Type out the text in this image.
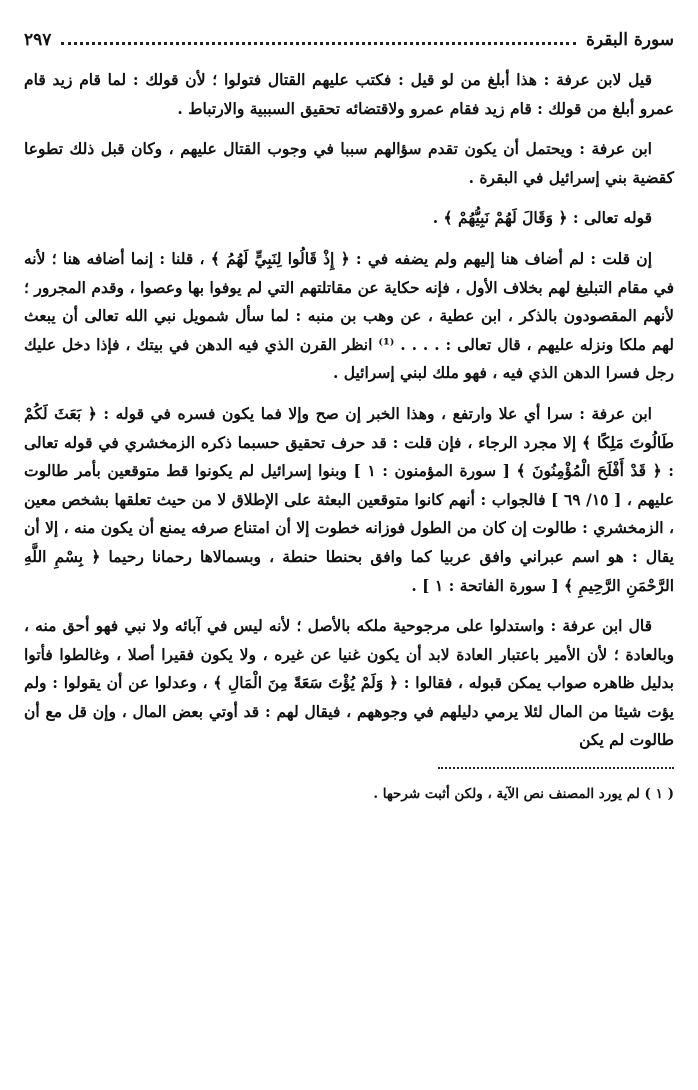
سورة البقرة
٢٩٧

قيل لابن عرفة : هذا أبلغ من لو قيل : فكتب عليهم القتال فتولوا ؛ لأن قولك : لما قام زيد قام عمرو أبلغ من قولك : قام زيد فقام عمرو ولاقتضائه تحقيق السببية والارتباط .

ابن عرفة : ويحتمل أن يكون تقدم سؤالهم سببا في وجوب القتال عليهم ، وكان قبل ذلك تطوعا كقضية بني إسرائيل في البقرة .

قوله تعالى : ﴿ وَقَالَ لَهُمْ نَبِيُّهُمْ ﴾ .

إن قلت : لم أضاف هنا إليهم ولم يضفه في : ﴿ إِذْ قَالُوا لِنَبِيٍّ لَهُمُ ﴾ ، قلنا : إنما أضافه هنا ؛ لأنه في مقام التبليغ لهم بخلاف الأول ، فإنه حكاية عن مقاتلتهم التي لم يوفوا بها وعصوا ، وقدم المجرور ؛ لأنهم المقصودون بالذكر ، ابن عطية ، عن وهب بن منبه : لما سأل شمويل نبي الله تعالى أن يبعث لهم ملكا ونزله عليهم ، قال تعالى : . . . . ⁽¹⁾ انظر القرن الذي فيه الدهن في بيتك ، فإذا دخل عليك رجل فسرا الدهن الذي فيه ، فهو ملك لبني إسرائيل .

ابن عرفة : سرا أي علا وارتفع ، وهذا الخبر إن صح وإلا فما يكون فسره في قوله : ﴿ بَعَثَ لَكُمْ طَالُوتَ مَلِكًا ﴾ إلا مجرد الرجاء ، فإن قلت : قد حرف تحقيق حسبما ذكره الزمخشري في قوله تعالى : ﴿ قَدْ أَفْلَحَ الْمُؤْمِنُونَ ﴾ [ سورة المؤمنون : ١ ] وبنوا إسرائيل لم يكونوا قط متوقعين بأمر طالوت عليهم ، [ ١٥/ ٦٩ ] فالجواب : أنهم كانوا متوقعين البعثة على الإطلاق لا من حيث تعلقها بشخص معين ، الزمخشري : طالوت إن كان من الطول فوزانه خطوت إلا أن امتناع صرفه يمنع أن يكون منه ، إلا أن يقال : هو اسم عبراني وافق عربيا كما وافق بحنطا حنطة ، وبسمالاها رحمانا رحيما ﴿ بِسْمِ اللَّهِ الرَّحْمَنِ الرَّحِيمِ ﴾ [ سورة الفاتحة : ١ ] .

قال ابن عرفة : واستدلوا على مرجوحية ملكه بالأصل ؛ لأنه ليس في آبائه ولا نبي فهو أحق منه ، وبالعادة ؛ لأن الأمير باعتبار العادة لابد أن يكون غنيا عن غيره ، ولا يكون فقيرا أصلا ، وغالطوا فأتوا بدليل ظاهره صواب يمكن قبوله ، فقالوا : ﴿ وَلَمْ يُؤْتَ سَعَةً مِنَ الْمَالِ ﴾ ، وعدلوا عن أن يقولوا : ولم يؤت شيئا من المال لئلا يرمي دليلهم في وجوههم ، فيقال لهم : قد أوتي بعض المال ، وإن قل مع أن طالوت لم يكن

( ١ ) لم يورد المصنف نص الآية ، ولكن أثبت شرحها .
